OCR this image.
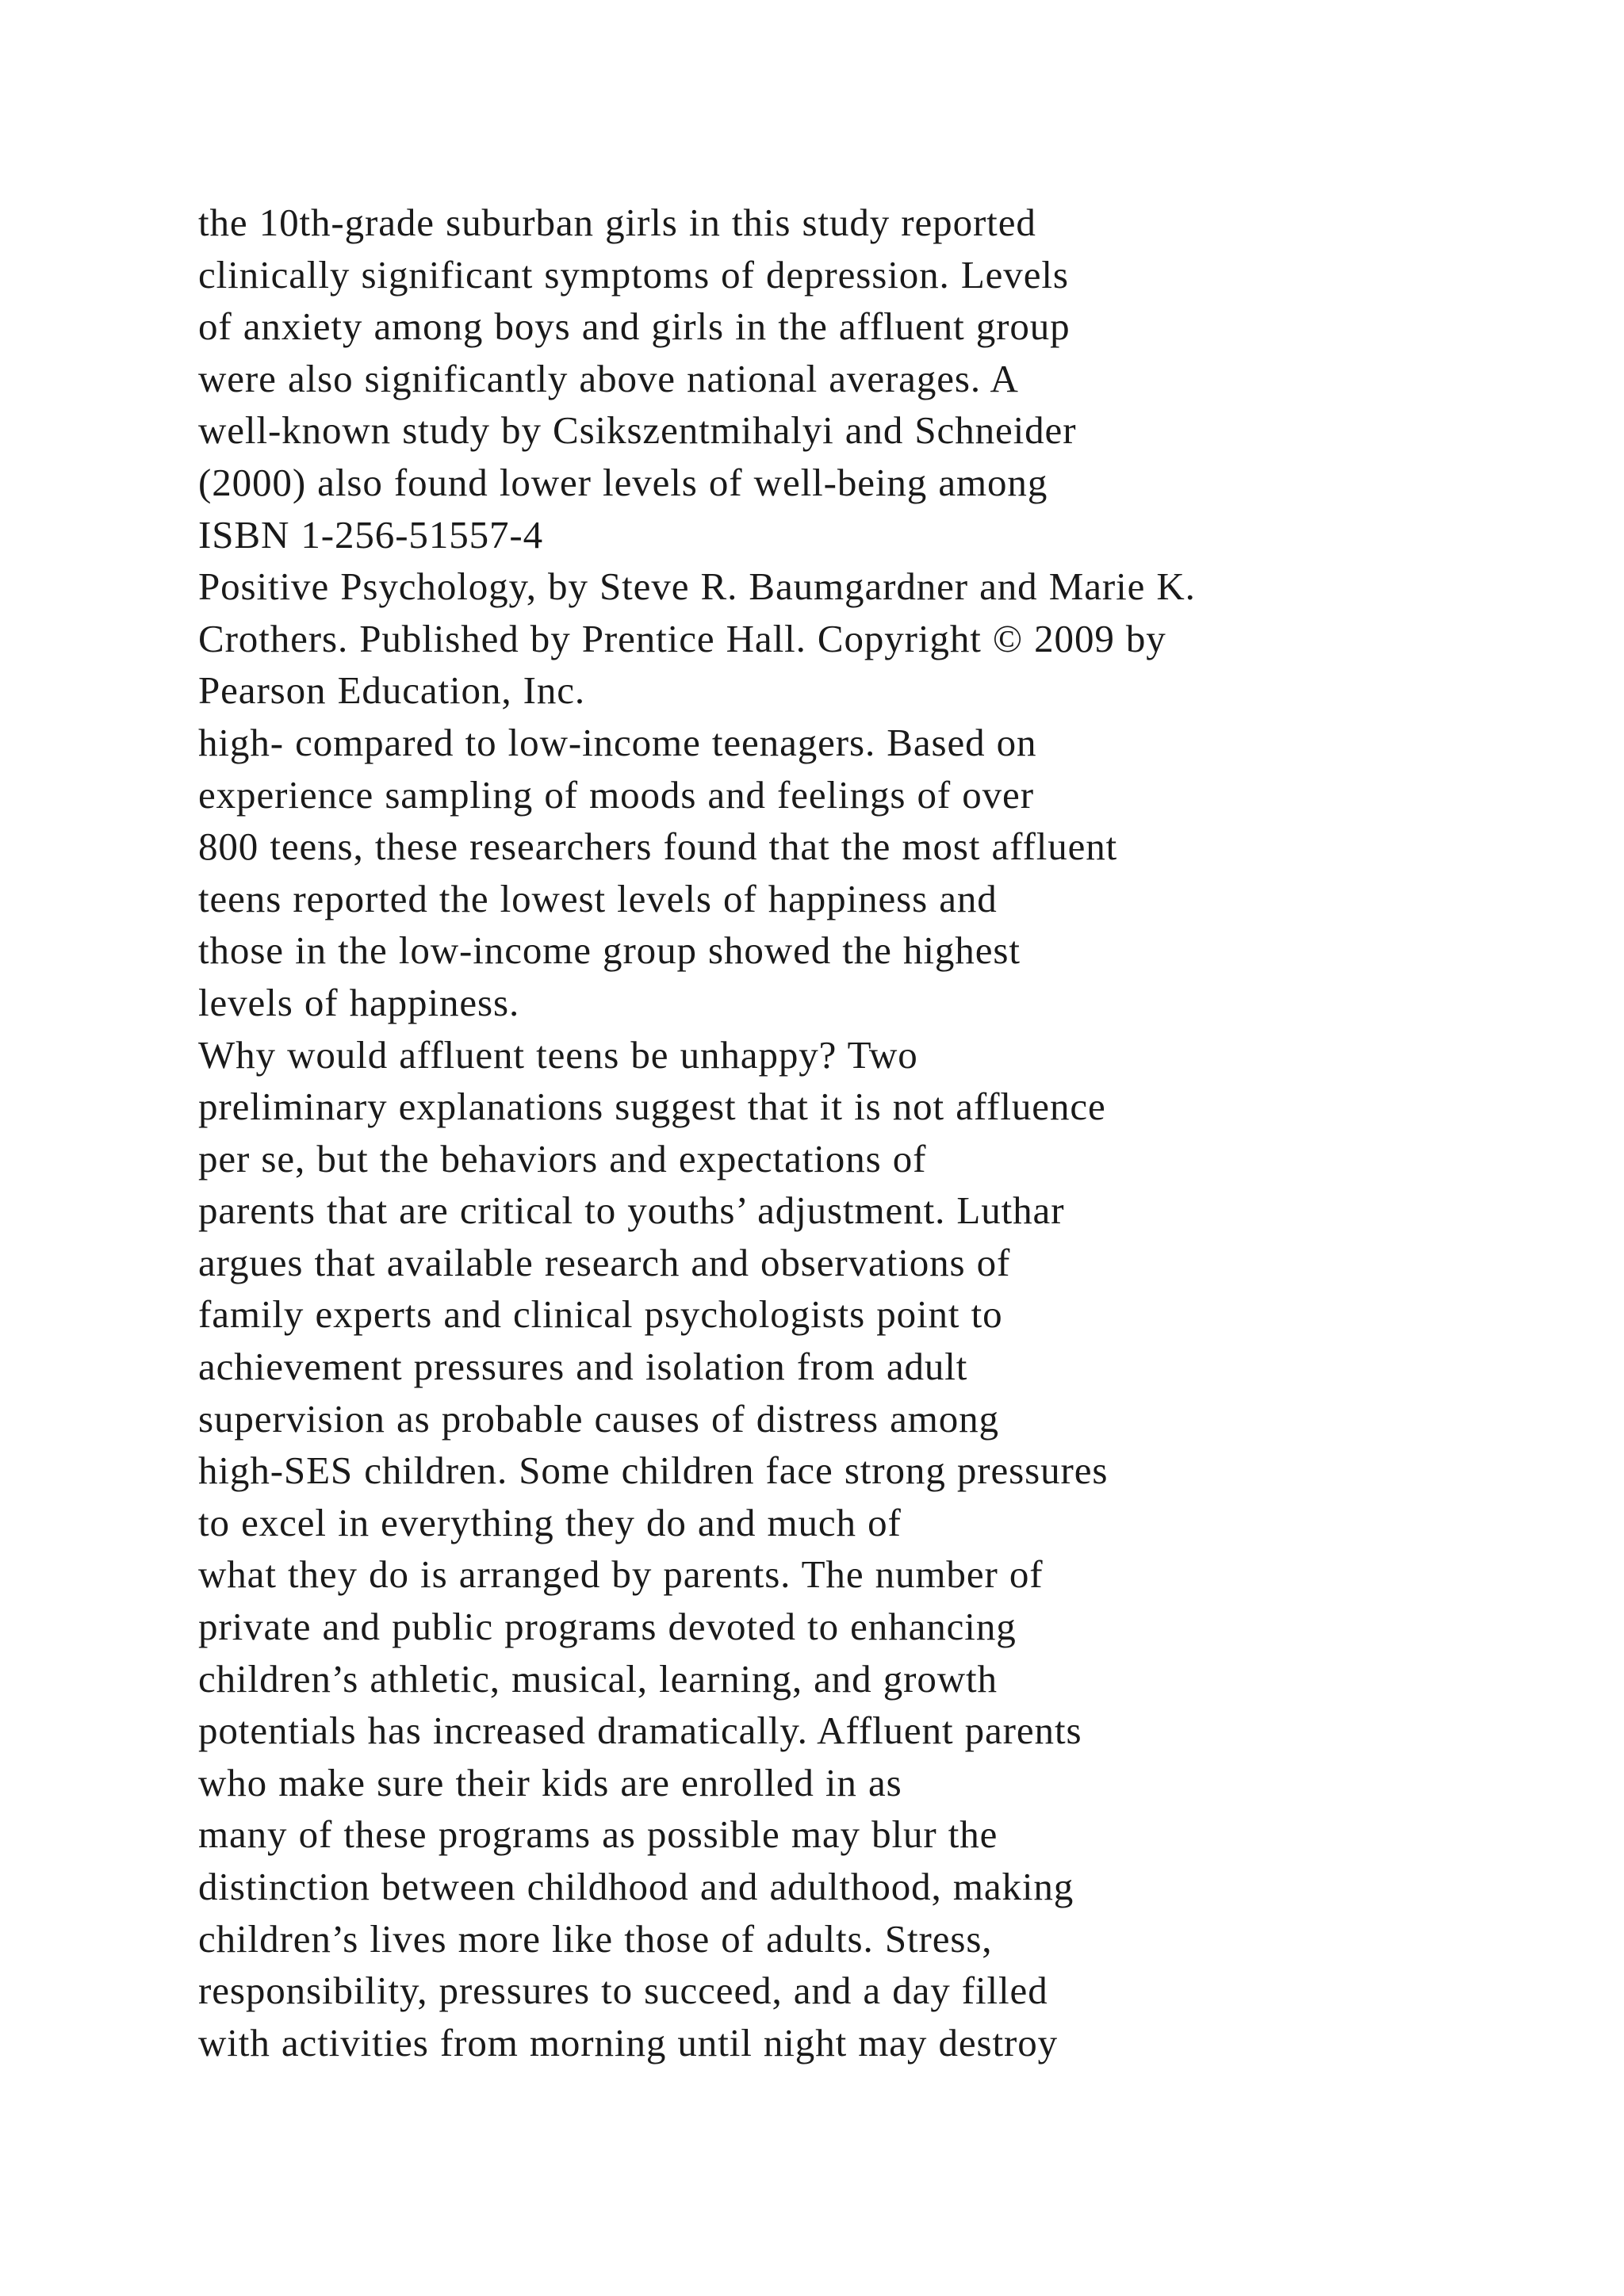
the 10th-grade suburban girls in this study reported
clinically significant symptoms of depression. Levels
of anxiety among boys and girls in the affluent group
were also significantly above national averages. A
well-known study by Csikszentmihalyi and Schneider
(2000) also found lower levels of well-being among
ISBN 1-256-51557-4
Positive Psychology, by Steve R. Baumgardner and Marie K.
Crothers. Published by Prentice Hall. Copyright © 2009 by
Pearson Education, Inc.
high- compared to low-income teenagers. Based on
experience sampling of moods and feelings of over
800 teens, these researchers found that the most affluent
teens reported the lowest levels of happiness and
those in the low-income group showed the highest
levels of happiness.
Why would affluent teens be unhappy? Two
preliminary explanations suggest that it is not affluence
per se, but the behaviors and expectations of
parents that are critical to youths’ adjustment. Luthar
argues that available research and observations of
family experts and clinical psychologists point to
achievement pressures and isolation from adult
supervision as probable causes of distress among
high-SES children. Some children face strong pressures
to excel in everything they do and much of
what they do is arranged by parents. The number of
private and public programs devoted to enhancing
children’s athletic, musical, learning, and growth
potentials has increased dramatically. Affluent parents
who make sure their kids are enrolled in as
many of these programs as possible may blur the
distinction between childhood and adulthood, making
children’s lives more like those of adults. Stress,
responsibility, pressures to succeed, and a day filled
with activities from morning until night may destroy
